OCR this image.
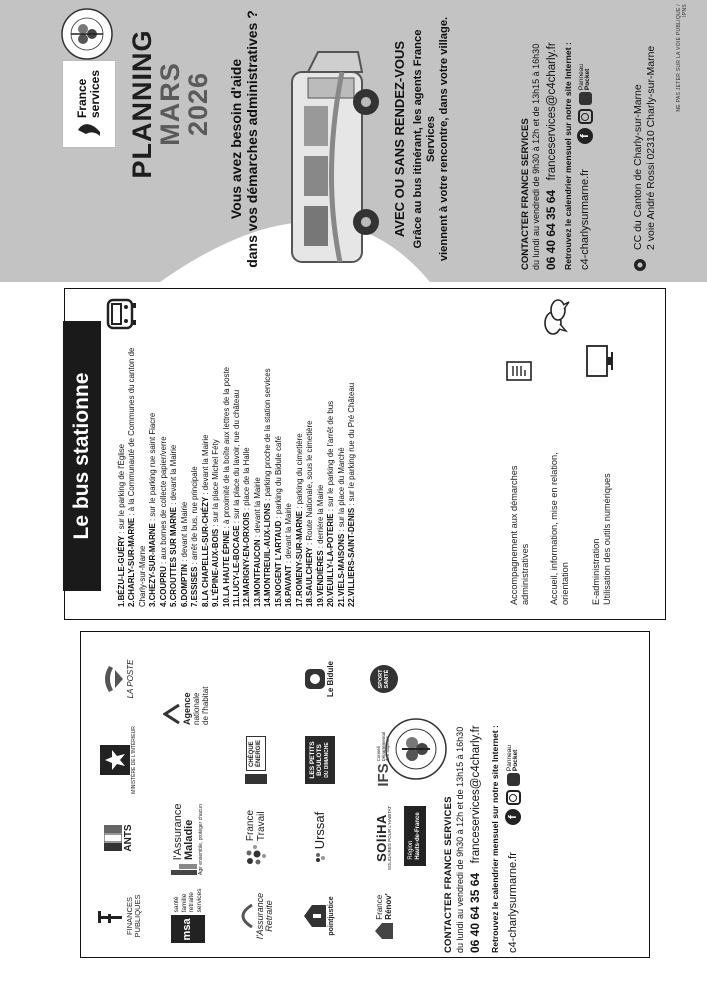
FINANCES PUBLIQUES
ANTS
MINISTÈRE DE L'INTÉRIEUR
LA POSTE
msa
santé famille retraite services
l'Assurance Maladie Agir ensemble, protéger chacun
Agence nationale de l'habitat
l'Assurance Retraite
France Travail
CHÈQUE ÉNERGIE
pointjustice
Urssaf
LES PETITS BOULOTS DU DIMANCHE
Le Bidule
France Rénov'
SOliHA
SOLIDAIRES POUR L'HABITAT
IFS
Conseil Départemental des Sapeurs
SPORT SANTÉ
Région Hauts-de-France CONTACTER FRANCE SERVICES du lundi au vendredi de 9h30 à 12h et de 13h15 à 16h30 06 40 64 35 64   franceservices@c4charly.fr Retrouvez le calendrier mensuel sur notre site Internet : c4-charlysurmarne.fr
f
Panneau Pocket
Le bus stationne
1.BÉZU-LE-GUÉRY : sur le parking de l'Église
2.CHARLY-SUR-MARNE : à la Communauté de Communes du canton de Charly-sur-Marne 3.CHEZY-SUR-MARNE : sur le parking rue saint Fiacre
4.COUPRU : aux bornes de collecte papier/verre
5.CROUTTES SUR MARNE : devant la Mairie
6.DOMPTIN : devant la Mairie
7.ESSISES : arrêt de bus, rue principale
8.LA CHAPELLE-SUR-CHÉZY : devant la Mairie
9.L'ÉPINE-AUX-BOIS : sur la place Michel Féty
10.LA HAUTE ÉPINE : à proximité de la boîte aux lettres de la poste
11.LUCY-LE-BOCAGE : sur la place du lavoir, rue du château
12.MARIGNY-EN-ORXOIS : place de la Halle
13.MONTFAUCON : devant la Mairie
14.MONTREUIL-AUX-LIONS : parking proche de la station services
15.NOGENT L'ARTAUD : parking du Bidule café
16.PAVANT : devant la Mairie
17.ROMENY-SUR-MARNE : parking du cimetière
18.SAULCHERY : Route Nationale, sous le cimetière
19.VENDIÈRES : derrière la Mairie
20.VEUILLY-LA-POTERIE : sur le parking de l'arrêt de bus
21.VIELS-MAISONS : sur la place du Marché
22.VILLIERS-SAINT-DENIS : sur le parking rue du Pré Château
Accompagnement aux démarches administratives Accueil, information, mise en relation, orientation E-administration Utilisation des outils numériques
France services PLANNING
MARS
2026 Vous avez besoin d'aide dans vos démarches administratives ?	AVEC OU SANS RENDEZ-VOUS Grâce au bus itinérant, les agents France Services viennent à votre rencontre, dans votre village.	CONTACTER FRANCE SERVICES du lundi au vendredi de 9h30 à 12h et de 13h15 à 16h30 06 40 64 35 64   franceservices@c4charly.fr Retrouvez le calendrier mensuel sur notre site Internet : c4-charlysurmarne.fr
f
Panneau Pocket
CC du Canton de Charly-sur-Marne 2 voie André Rossi 02310 Charly-sur-Marne	NE PAS JETER SUR LA VOIE PUBLIQUE / IPNS
